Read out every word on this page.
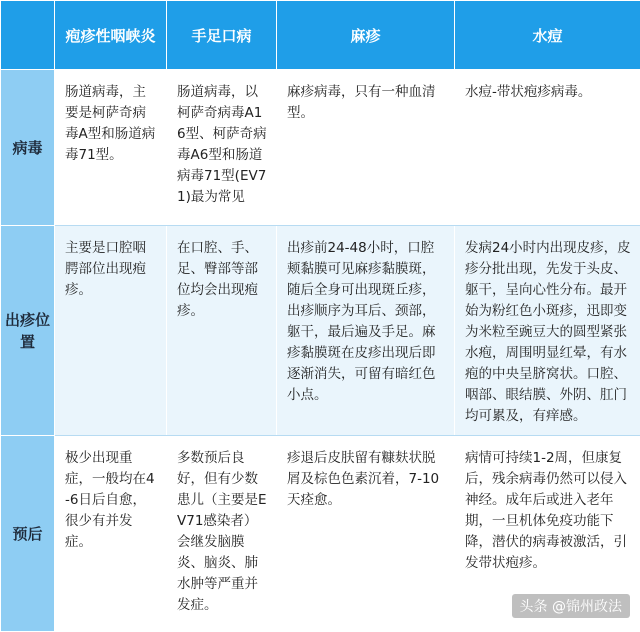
	疱疹性咽峡炎	手足口病	麻疹	水痘
病毒	肠道病毒，主要是柯萨奇病毒A型和肠道病毒71型。	肠道病毒，以柯萨奇病毒A16型、柯萨奇病毒A6型和肠道病毒71型(EV71)最为常见	麻疹病毒，只有一种血清型。	水痘-带状疱疹病毒。
出疹位置	主要是口腔咽腭部位出现疱疹。	在口腔、手、足、臀部等部位均会出现疱疹。	出疹前24-48小时，口腔颊黏膜可见麻疹黏膜斑，随后全身可出现斑丘疹，出疹顺序为耳后、颈部，躯干，最后遍及手足。麻疹黏膜斑在皮疹出现后即逐渐消失，可留有暗红色小点。	发病24小时内出现皮疹，皮疹分批出现，先发于头皮、躯干，呈向心性分布。最开始为粉红色小斑疹，迅即变为米粒至豌豆大的圆型紧张水疱，周围明显红晕，有水疱的中央呈脐窝状。口腔、咽部、眼结膜、外阴、肛门均可累及，有痒感。
预后	极少出现重症，一般均在4-6日后自愈，很少有并发症。	多数预后良好，但有少数患儿（主要是EV71感染者）会继发脑膜炎、脑炎、肺水肿等严重并发症。	疹退后皮肤留有糠麸状脱屑及棕色色素沉着，7-10天痊愈。	病情可持续1-2周，但康复后，残余病毒仍然可以侵入神经。成年后或进入老年期，一旦机体免疫功能下降，潜伏的病毒被激活，引发带状疱疹。
头条 @锦州政法
